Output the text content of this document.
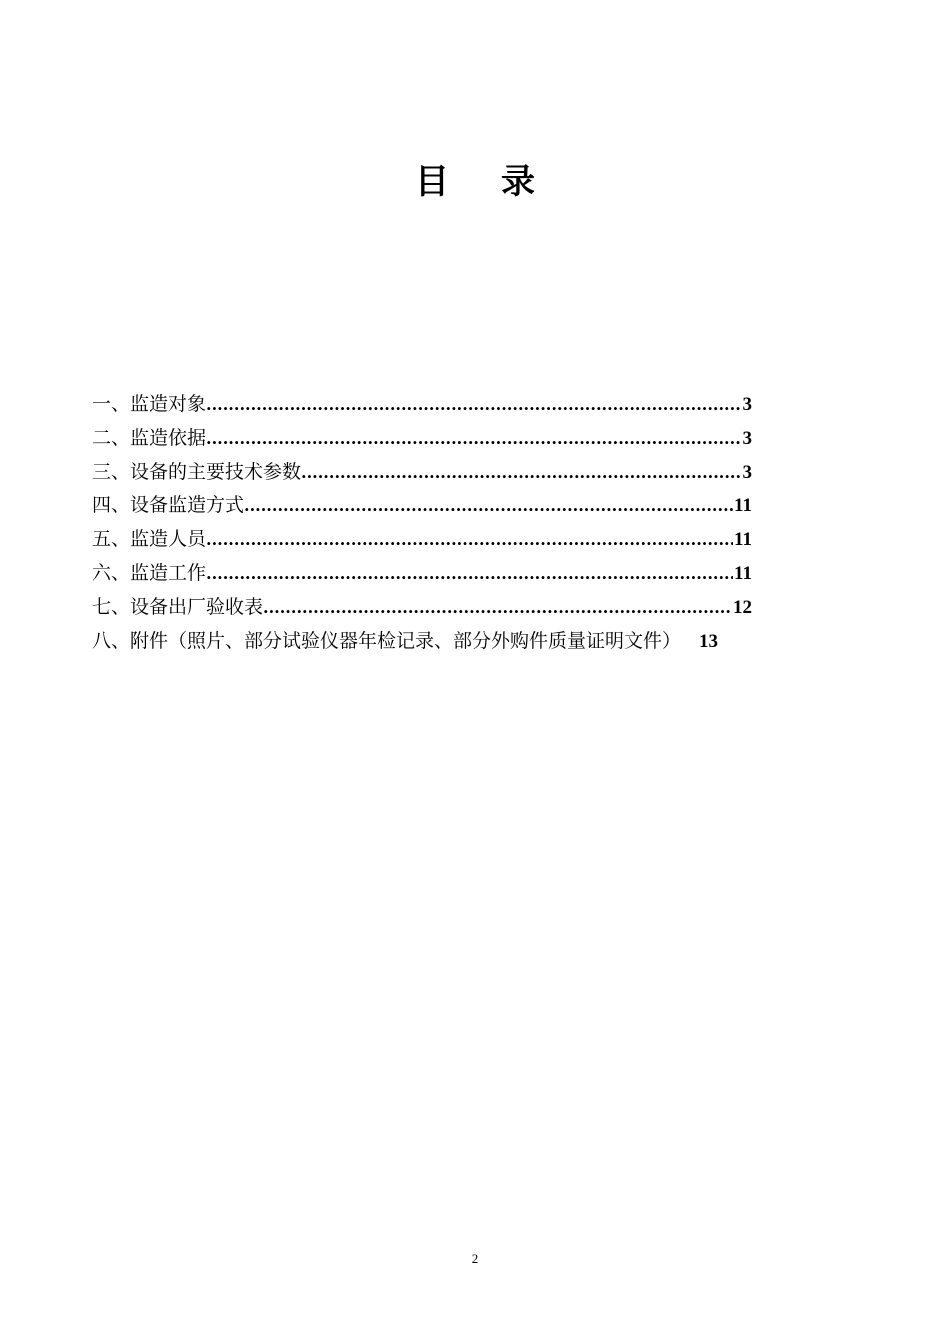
目录
一、监造对象 .....	3
二、监造依据 .....	3
三、设备的主要技术参数 .....	3
四、设备监造方式 .....	11
五、监造人员 .....	11
六、监造工作 .....	11
七、设备出厂验收表 .....	12
八、附件（照片、部分试验仪器年检记录、部分外购件质量证明文件） 13
2
